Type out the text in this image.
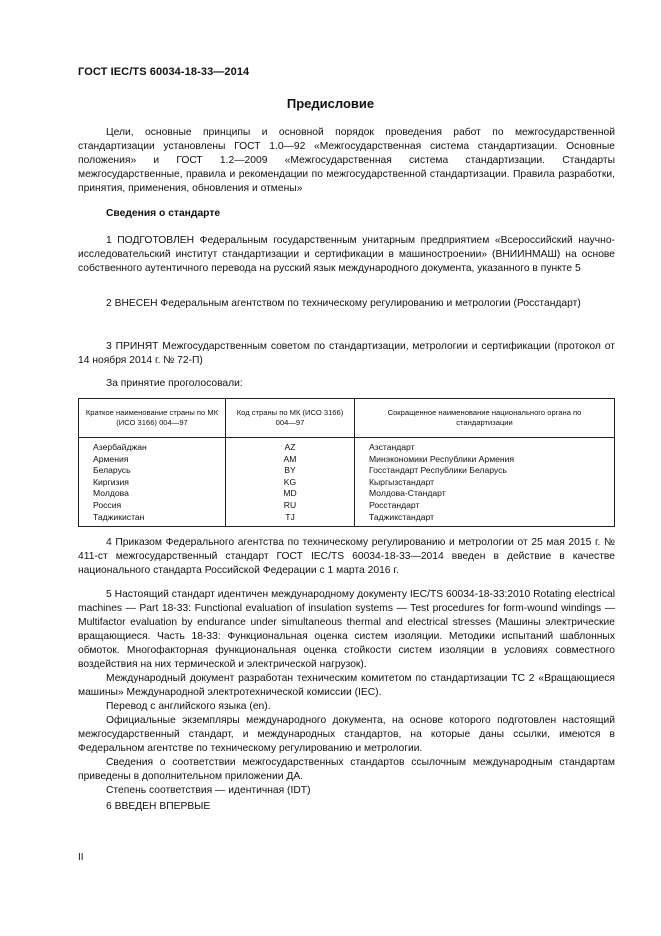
ГОСТ IEC/TS 60034-18-33—2014
Предисловие

Цели, основные принципы и основной порядок проведения работ по межгосударственной стандартизации установлены ГОСТ 1.0—92 «Межгосударственная система стандартизации. Основные положения» и ГОСТ 1.2—2009 «Межгосударственная система стандартизации. Стандарты межгосударственные, правила и рекомендации по межгосударственной стандартизации. Правила разработки, принятия, применения, обновления и отмены»

Сведения о стандарте

1 ПОДГОТОВЛЕН Федеральным государственным унитарным предприятием «Всероссийский научно-исследовательский институт стандартизации и сертификации в машиностроении» (ВНИИНМАШ) на основе собственного аутентичного перевода на русский язык международного документа, указанного в пункте 5

2 ВНЕСЕН Федеральным агентством по техническому регулированию и метрологии (Росстандарт)

3 ПРИНЯТ Межгосударственным советом по стандартизации, метрологии и сертификации (протокол от 14 ноября 2014 г. № 72-П)

За принятие проголосовали:
Краткое наименование страны по МК (ИСО 3166) 004—97	Код страны по МК (ИСО 3166) 004—97	Сокращенное наименование национального органа по стандартизации
Азербайджан	AZ	Азстандарт
Армения	AM	Минэкономики Республики Армения
Беларусь	BY	Госстандарт Республики Беларусь
Киргизия	KG	Кыргызстандарт
Молдова	MD	Молдова-Стандарт
Россия	RU	Росстандарт
Таджикистан	TJ	Таджикстандарт

4 Приказом Федерального агентства по техническому регулированию и метрологии от 25 мая 2015 г. № 411-ст межгосударственный стандарт ГОСТ IEC/TS 60034-18-33—2014 введен в действие в качестве национального стандарта Российской Федерации с 1 марта 2016 г.

5 Настоящий стандарт идентичен международному документу IEC/TS 60034-18-33:2010 Rotating electrical machines — Part 18-33: Functional evaluation of insulation systems — Test procedures for form-wound windings — Multifactor evaluation by endurance under simultaneous thermal and electrical stresses (Машины электрические вращающиеся. Часть 18-33: Функциональная оценка систем изоляции. Методики испытаний шаблонных обмоток. Многофакторная функциональная оценка стойкости систем изоляции в условиях совместного воздействия на них термической и электрической нагрузок).

Международный документ разработан техническим комитетом по стандартизации ТС 2 «Вращающиеся машины» Международной электротехнической комиссии (IEC).

Перевод с английского языка (en).

Официальные экземпляры международного документа, на основе которого подготовлен настоящий межгосударственный стандарт, и международных стандартов, на которые даны ссылки, имеются в Федеральном агентстве по техническому регулированию и метрологии.

Сведения о соответствии межгосударственных стандартов ссылочным международным стандартам приведены в дополнительном приложении ДА.

Степень соответствия — идентичная (IDT)

6 ВВЕДЕН ВПЕРВЫЕ

II
